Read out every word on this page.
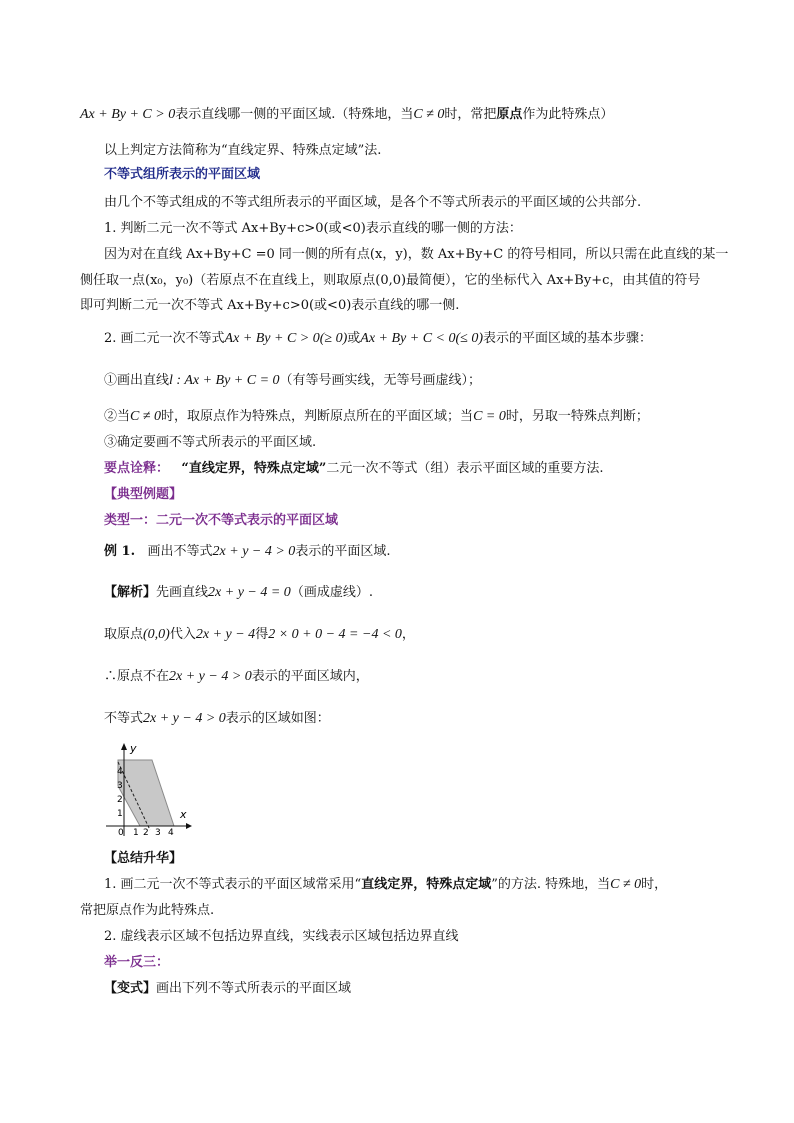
Ax + By + C > 0表示直线哪一侧的平面区域.（特殊地，当C ≠ 0时，常把原点作为此特殊点）
以上判定方法简称为“直线定界、特殊点定域”法.
不等式组所表示的平面区域
由几个不等式组成的不等式组所表示的平面区域，是各个不等式所表示的平面区域的公共部分.
1. 判断二元一次不等式 Ax+By+c>0(或<0)表示直线的哪一侧的方法：
因为对在直线 Ax+By+C =0 同一侧的所有点(x，y)，数 Ax+By+C 的符号相同，所以只需在此直线的某一
侧任取一点(x₀，y₀)（若原点不在直线上，则取原点(0,0)最简便），它的坐标代入 Ax+By+c，由其值的符号
即可判断二元一次不等式 Ax+By+c>0(或<0)表示直线的哪一侧.
2. 画二元一次不等式Ax + By + C > 0(≥ 0)或Ax + By + C < 0(≤ 0)表示的平面区域的基本步骤：
①画出直线l : Ax + By + C = 0（有等号画实线，无等号画虚线）；
②当C ≠ 0时，取原点作为特殊点，判断原点所在的平面区域；当C = 0时，另取一特殊点判断；
③确定要画不等式所表示的平面区域.
要点诠释： “直线定界，特殊点定域”二元一次不等式（组）表示平面区域的重要方法.
【典型例题】
类型一：二元一次不等式表示的平面区域
例 1. 画出不等式2x + y − 4 > 0表示的平面区域.
【解析】先画直线2x + y − 4 = 0（画成虚线）.
取原点(0,0)代入2x + y − 4得2 × 0 + 0 − 4 = −4 < 0，
∴原点不在2x + y − 4 > 0表示的平面区域内，
不等式2x + y − 4 > 0表示的区域如图：
y
x
0 1 2 3 4
1
2
3
4
【总结升华】
1. 画二元一次不等式表示的平面区域常采用“直线定界，特殊点定域”的方法. 特殊地，当C ≠ 0时，
常把原点作为此特殊点.
2. 虚线表示区域不包括边界直线，实线表示区域包括边界直线
举一反三：
【变式】画出下列不等式所表示的平面区域
